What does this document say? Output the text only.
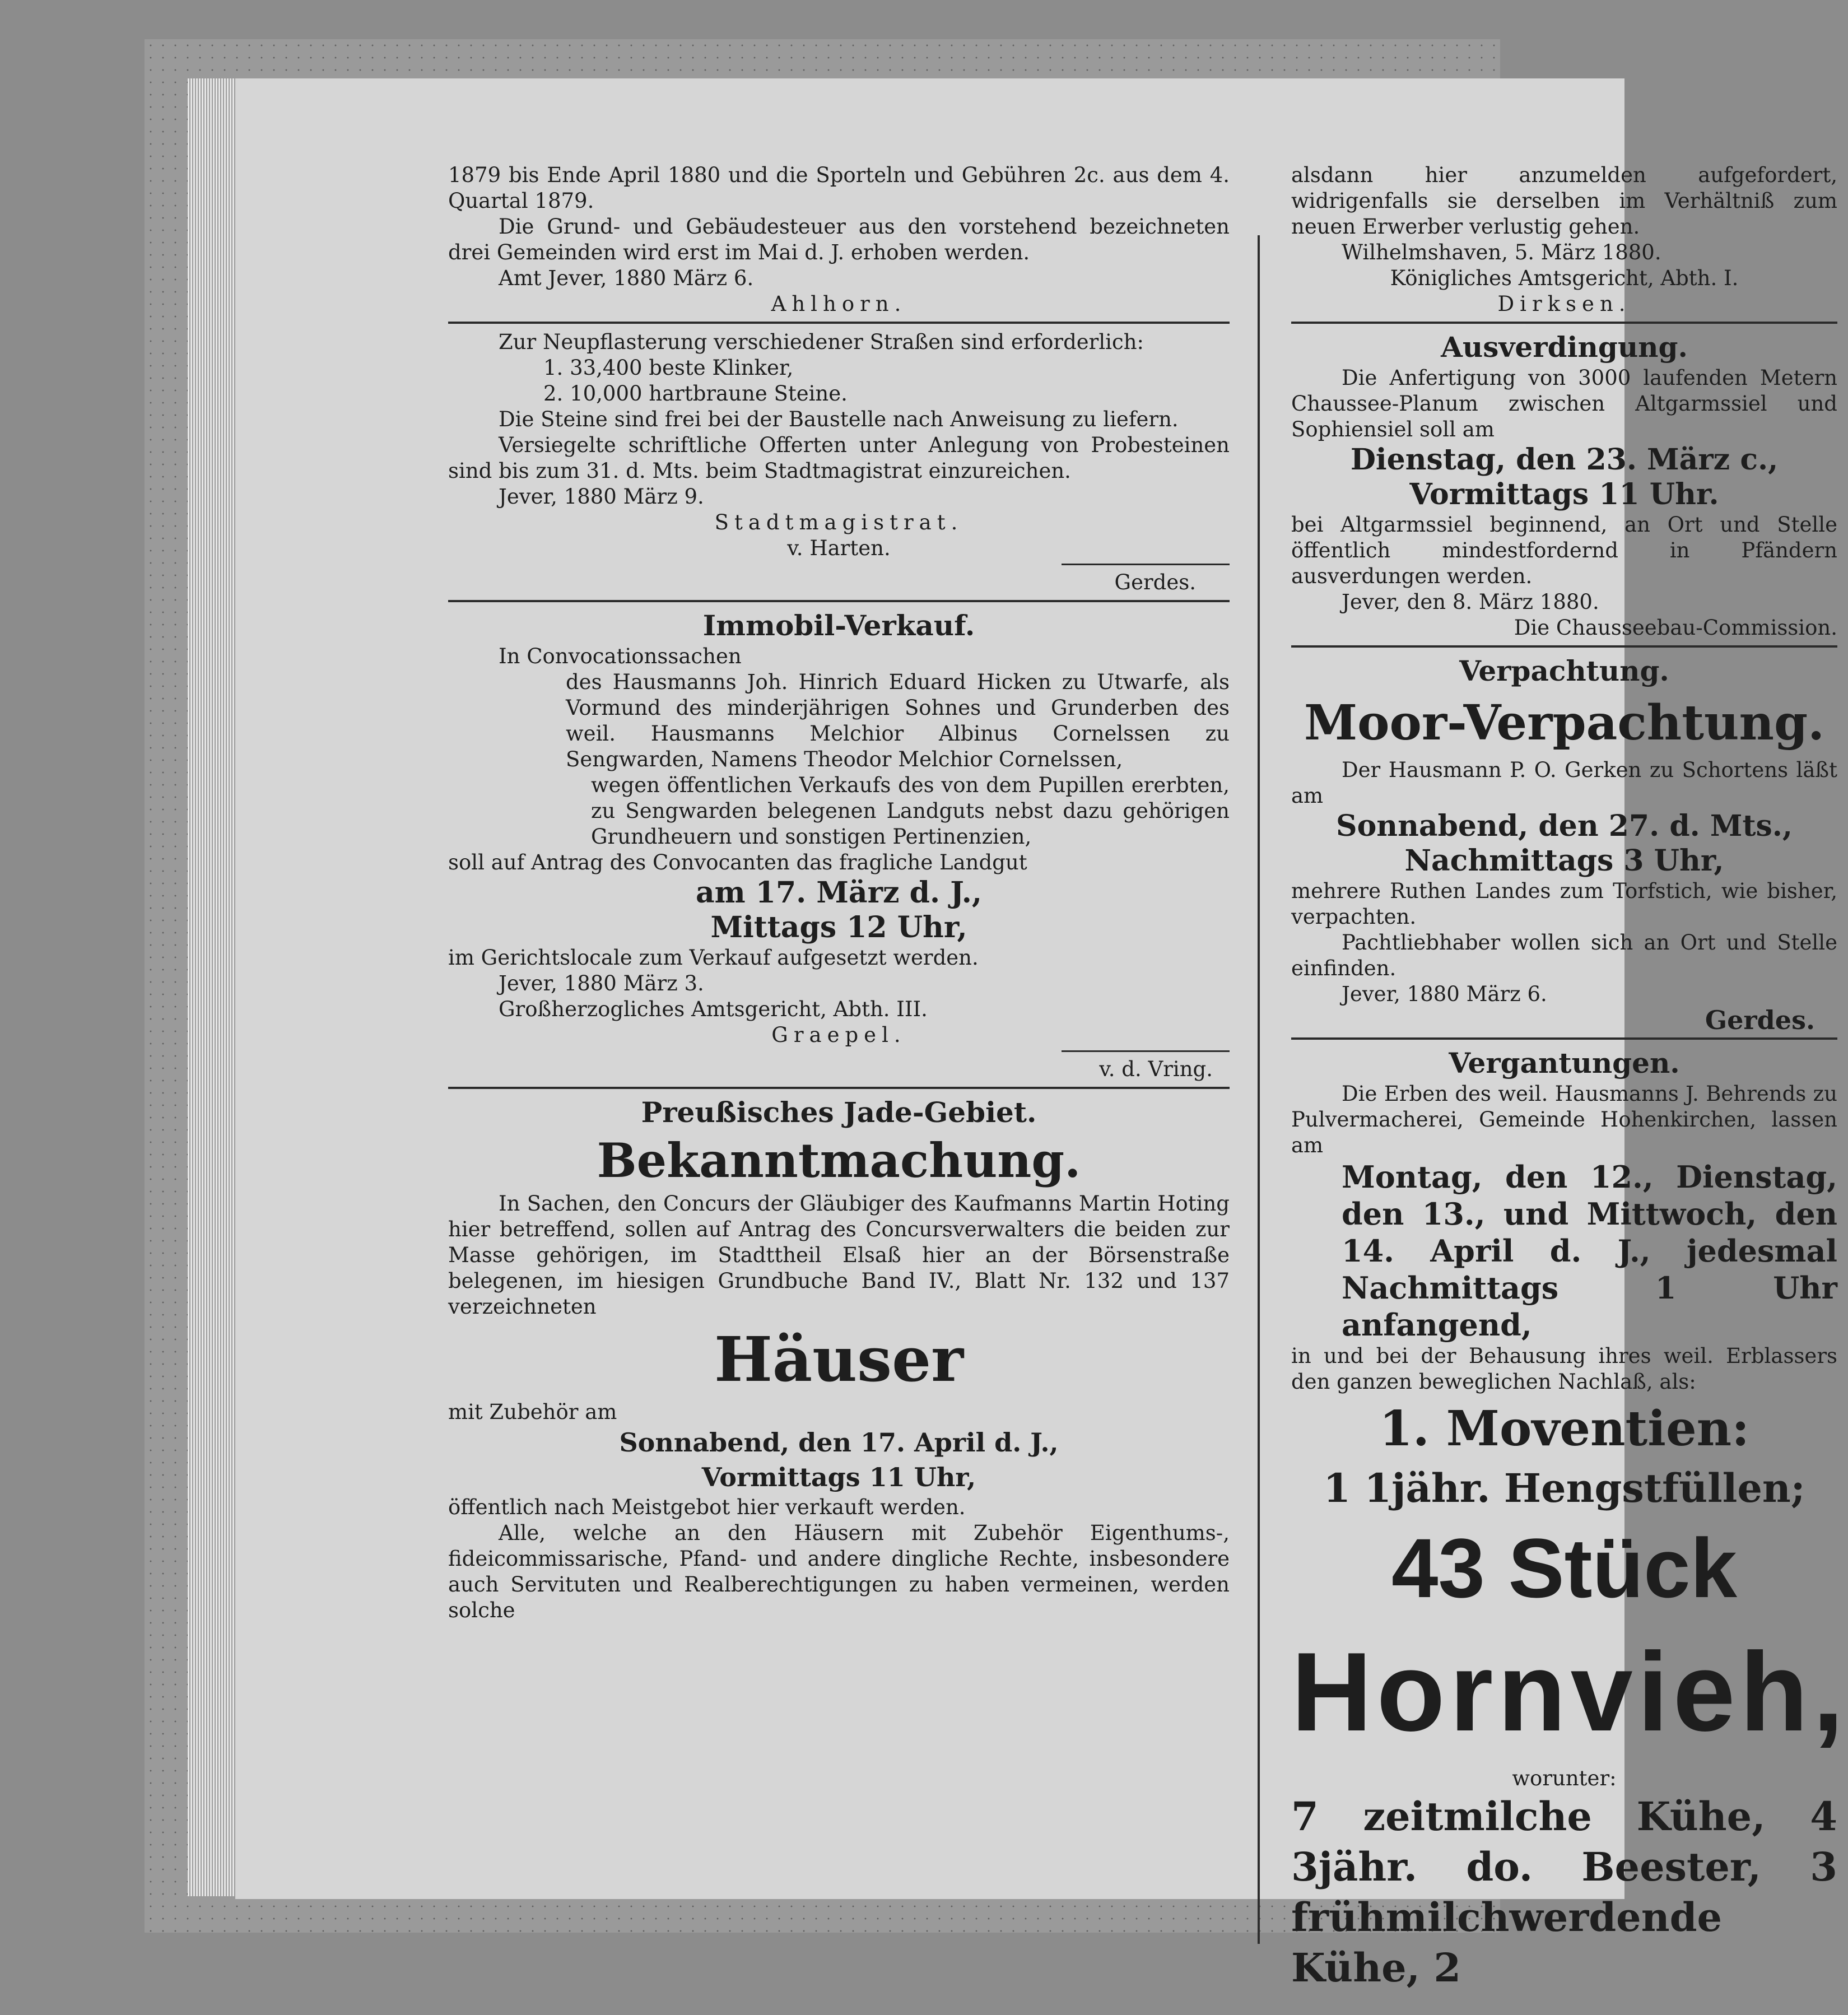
1879 bis Ende April 1880 und die Sporteln und Gebühren 2c. aus dem 4. Quartal 1879.

Die Grund- und Gebäudesteuer aus den vorstehend bezeichneten drei Gemeinden wird erst im Mai d. J. erhoben werden.

Amt Jever, 1880 März 6.

Ahlhorn.

Zur Neupflasterung verschiedener Straßen sind erforderlich:

1. 33,400 beste Klinker,

2. 10,000 hartbraune Steine.

Die Steine sind frei bei der Baustelle nach Anweisung zu liefern.

Versiegelte schriftliche Offerten unter Anlegung von Probesteinen sind bis zum 31. d. Mts. beim Stadtmagistrat einzureichen.

Jever, 1880 März 9.

Stadtmagistrat.

v. Harten.

Gerdes.

Immobil-Verkauf.

In Convocationssachen

des Hausmanns Joh. Hinrich Eduard Hicken zu Utwarfe, als Vormund des minderjährigen Sohnes und Grunderben des weil. Hausmanns Melchior Albinus Cornelssen zu Sengwarden, Namens Theodor Melchior Cornelssen,

wegen öffentlichen Verkaufs des von dem Pupillen ererbten, zu Sengwarden belegenen Landguts nebst dazu gehörigen Grundheuern und sonstigen Pertinenzien,

soll auf Antrag des Convocanten das fragliche Landgut

am 17. März d. J.,

Mittags 12 Uhr,

im Gerichtslocale zum Verkauf aufgesetzt werden.

Jever, 1880 März 3.

Großherzogliches Amtsgericht, Abth. III.

Graepel.

v. d. Vring.

Preußisches Jade-Gebiet.

Bekanntmachung.

In Sachen, den Concurs der Gläubiger des Kaufmanns Martin Hoting hier betreffend, sollen auf Antrag des Concursverwalters die beiden zur Masse gehörigen, im Stadttheil Elsaß hier an der Börsenstraße belegenen, im hiesigen Grundbuche Band IV., Blatt Nr. 132 und 137 verzeichneten

Häuser

mit Zubehör am

Sonnabend, den 17. April d. J.,

Vormittags 11 Uhr,

öffentlich nach Meistgebot hier verkauft werden.

Alle, welche an den Häusern mit Zubehör Eigenthums-, fideicommissarische, Pfand- und andere dingliche Rechte, insbesondere auch Servituten und Realberechtigungen zu haben vermeinen, werden solche

alsdann hier anzumelden aufgefordert, widrigenfalls sie derselben im Verhältniß zum neuen Erwerber verlustig gehen.

Wilhelmshaven, 5. März 1880.

Königliches Amtsgericht, Abth. I.

Dirksen.

Ausverdingung.

Die Anfertigung von 3000 laufenden Metern Chaussee-Planum zwischen Altgarmssiel und Sophiensiel soll am

Dienstag, den 23. März c.,

Vormittags 11 Uhr.

bei Altgarmssiel beginnend, an Ort und Stelle öffentlich mindestfordernd in Pfändern ausverdungen werden.

Jever, den 8. März 1880.

Die Chausseebau-Commission.

Verpachtung.

Moor-Verpachtung.

Der Hausmann P. O. Gerken zu Schortens läßt am

Sonnabend, den 27. d. Mts.,

Nachmittags 3 Uhr,

mehrere Ruthen Landes zum Torfstich, wie bisher, verpachten.

Pachtliebhaber wollen sich an Ort und Stelle einfinden.

Jever, 1880 März 6.

Gerdes.

Vergantungen.

Die Erben des weil. Hausmanns J. Behrends zu Pulvermacherei, Gemeinde Hohenkirchen, lassen am

Montag, den 12., Dienstag, den 13., und Mittwoch, den 14. April d. J., jedesmal Nachmittags 1 Uhr anfangend,

in und bei der Behausung ihres weil. Erblassers den ganzen beweglichen Nachlaß, als:

1. Moventien:

1 1jähr. Hengstfüllen;

43 Stück

Hornvieh,

worunter:

7 zeitmilche Kühe, 4 3jähr. do. Beester, 3 frühmilchwerdende Kühe, 2
